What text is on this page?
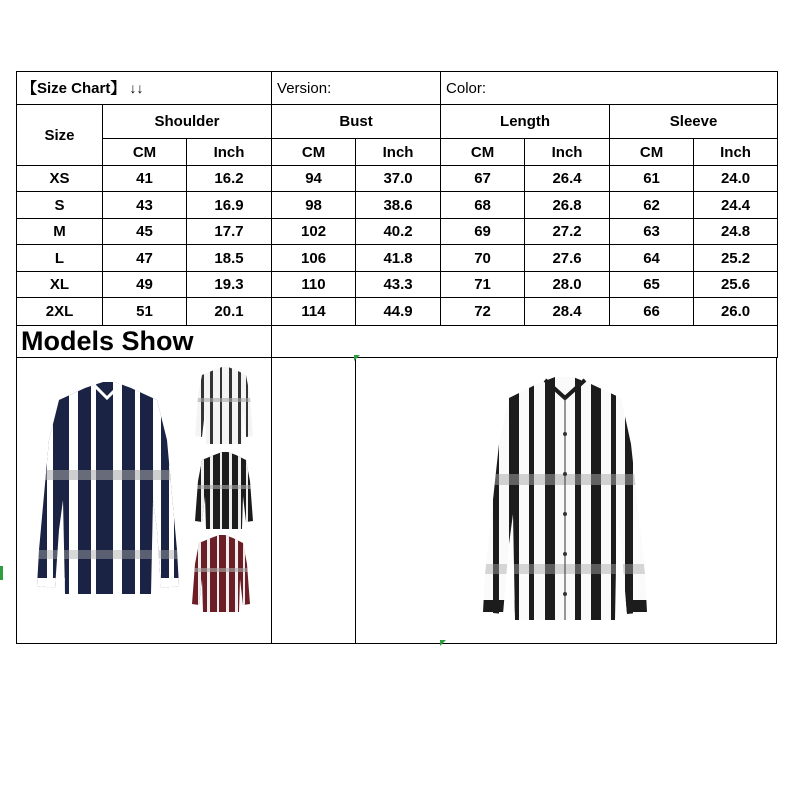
【Size Chart】 ↓↓			Version:		Color:			
Size	Shoulder		Bust		Length		Sleeve	
	CM	Inch	CM	Inch	CM	Inch	CM	Inch
XS	41	16.2	94	37.0	67	26.4	61	24.0
S	43	16.9	98	38.6	68	26.8	62	24.4
M	45	17.7	102	40.2	69	27.2	63	24.8
L	47	18.5	106	41.8	70	27.6	64	25.2
XL	49	19.3	110	43.3	71	28.0	65	25.6
2XL	51	20.1	114	44.9	72	28.4	66	26.0
Models Show								
